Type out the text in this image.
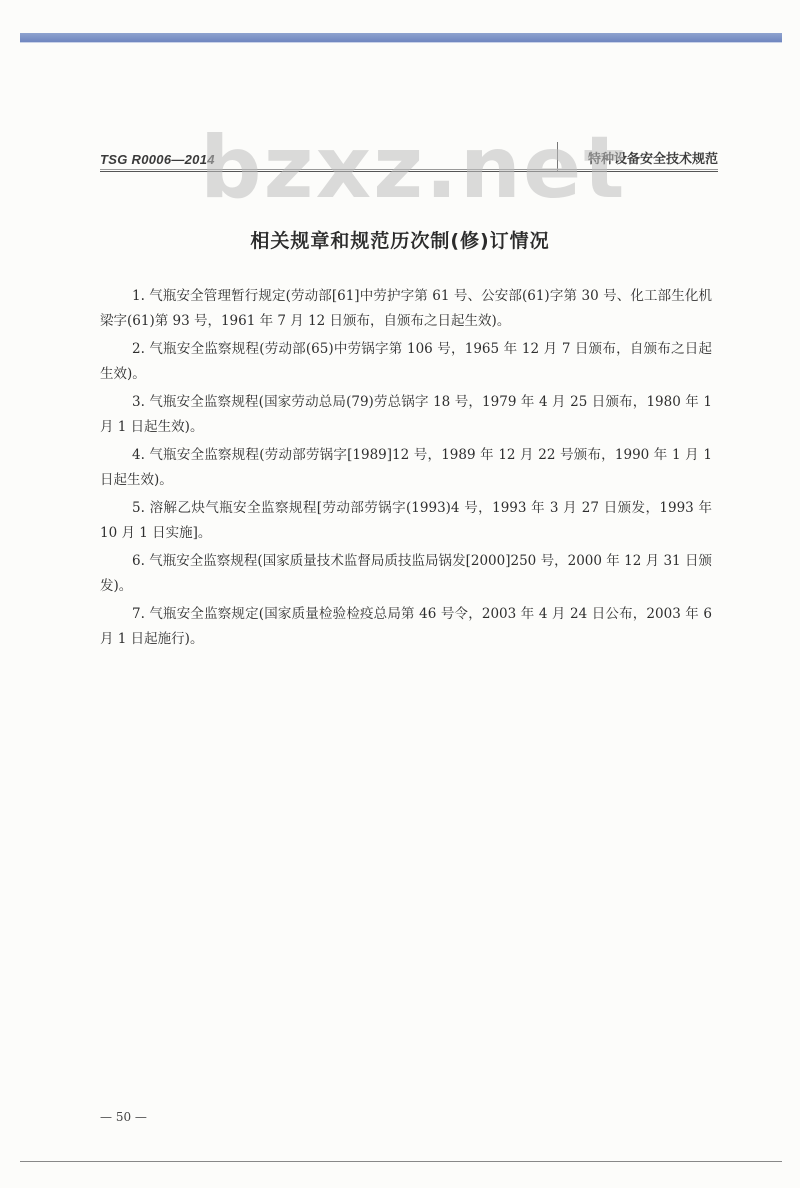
TSG R0006—2014	特种设备安全技术规范
bzxz.net
相关规章和规范历次制(修)订情况
1. 气瓶安全管理暂行规定(劳动部[61]中劳护字第 61 号、公安部(61)字第 30 号、化工部生化机梁字(61)第 93 号，1961 年 7 月 12 日颁布，自颁布之日起生效)。
2. 气瓶安全监察规程(劳动部(65)中劳锅字第 106 号，1965 年 12 月 7 日颁布，自颁布之日起生效)。
3. 气瓶安全监察规程(国家劳动总局(79)劳总锅字 18 号，1979 年 4 月 25 日颁布，1980 年 1 月 1 日起生效)。
4. 气瓶安全监察规程(劳动部劳锅字[1989]12 号，1989 年 12 月 22 号颁布，1990 年 1 月 1 日起生效)。
5. 溶解乙炔气瓶安全监察规程[劳动部劳锅字(1993)4 号，1993 年 3 月 27 日颁发，1993 年 10 月 1 日实施]。
6. 气瓶安全监察规程(国家质量技术监督局质技监局锅发[2000]250 号，2000 年 12 月 31 日颁发)。
7. 气瓶安全监察规定(国家质量检验检疫总局第 46 号令，2003 年 4 月 24 日公布，2003 年 6 月 1 日起施行)。
— 50 —
